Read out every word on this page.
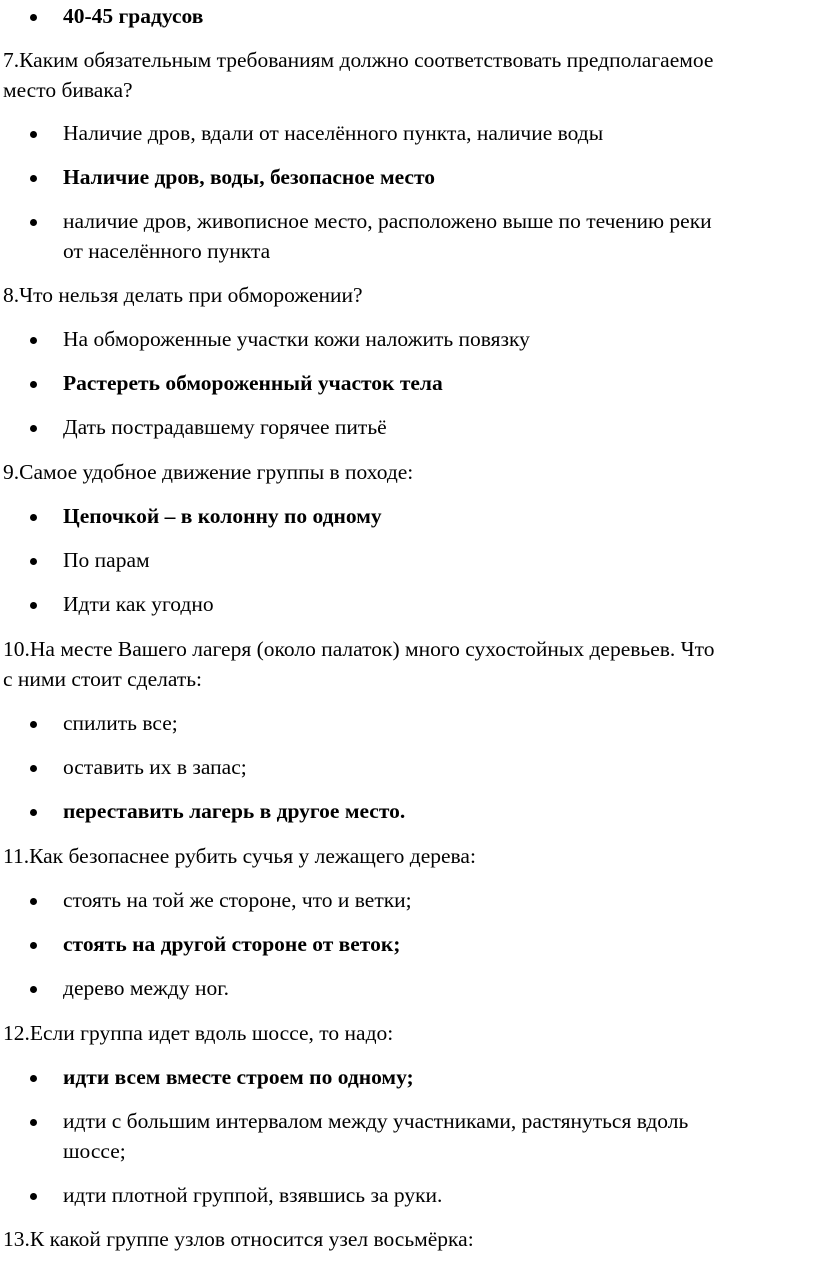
40-45 градусов
7.Каким обязательным требованиям должно соответствовать предполагаемое
место бивака?
Наличие дров, вдали от населённого пункта, наличие воды
Наличие дров, воды, безопасное место
наличие дров, живописное место, расположено выше по течению реки
от населённого пункта
8.Что нельзя делать при обморожении?
На обмороженные участки кожи наложить повязку
Растереть обмороженный участок тела
Дать пострадавшему горячее питьё
9.Самое удобное движение группы в походе:
Цепочкой – в колонну по одному
По парам
Идти как угодно
10.На месте Вашего лагеря (около палаток) много сухостойных деревьев. Что
с ними стоит сделать:
спилить все;
оставить их в запас;
переставить лагерь в другое место.
11.Как безопаснее рубить сучья у лежащего дерева:
стоять на той же стороне, что и ветки;
стоять на другой стороне от веток;
дерево между ног.
12.Если группа идет вдоль шоссе, то надо:
идти всем вместе строем по одному;
идти с большим интервалом между участниками, растянуться вдоль
шоссе;
идти плотной группой, взявшись за руки.
13.К какой группе узлов относится узел восьмёрка:
